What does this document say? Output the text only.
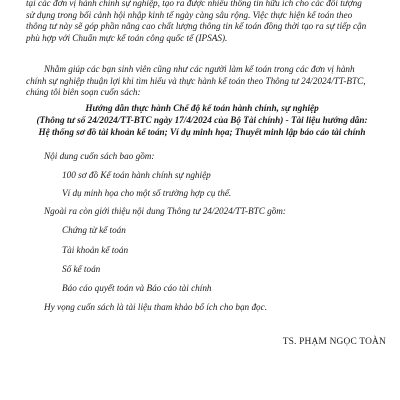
tại các đơn vị hành chính sự nghiệp, tạo ra được nhiều thông tin hữu ích cho các đối tượng
sử dụng trong bối cảnh hội nhập kinh tế ngày càng sâu rộng. Việc thực hiện kế toán theo
thông tư này sẽ góp phần nâng cao chất lượng thông tin kế toán đồng thời tạo ra sự tiếp cận
phù hợp với Chuẩn mực kế toán công quốc tế (IPSAS).

Nhằm giúp các bạn sinh viên cũng như các người làm kế toán trong các đơn vị hành
chính sự nghiệp thuận lợi khi tìm hiểu và thực hành kế toán theo Thông tư 24/2024/TT-BTC,
chúng tôi biên soạn cuốn sách:

Hướng dẫn thực hành Chế độ kế toán hành chính, sự nghiệp
(Thông tư số 24/2024/TT-BTC ngày 17/4/2024 của Bộ Tài chính) - Tài liệu hướng dẫn:
Hệ thống sơ đồ tài khoản kế toán; Ví dụ minh họa; Thuyết minh lập báo cáo tài chính
Nội dung cuốn sách bao gồm:
100 sơ đồ Kế toán hành chính sự nghiệp
Ví dụ minh họa cho một số trường hợp cụ thể.
Ngoài ra còn giới thiệu nội dung Thông tư 24/2024/TT-BTC gồm:
Chứng từ kế toán
Tài khoản kế toán
Sổ kế toán
Báo cáo quyết toán và Báo cáo tài chính
Hy vọng cuốn sách là tài liệu tham khảo bổ ích cho bạn đọc.
TS. PHẠM NGỌC TOÀN
